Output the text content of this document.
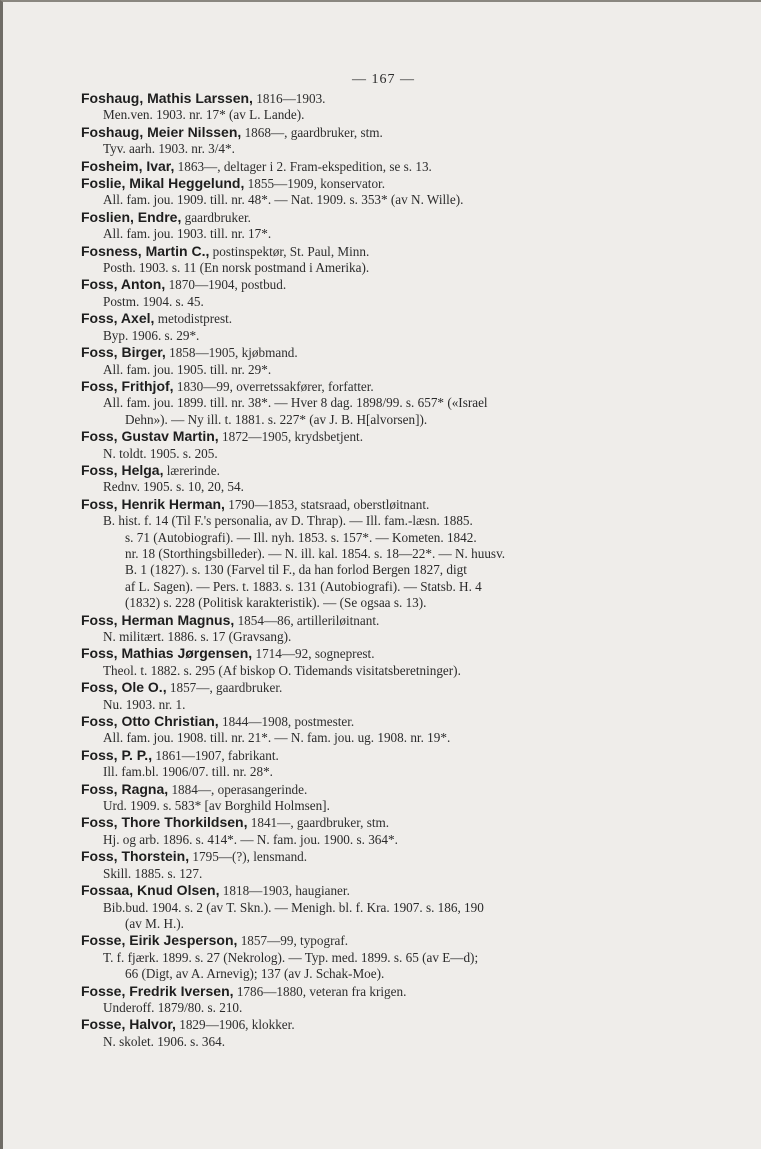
— 167 —
Foshaug, Mathis Larssen, 1816—1903.
Men.ven. 1903. nr. 17* (av L. Lande).
Foshaug, Meier Nilssen, 1868—, gaardbruker, stm.
Tyv. aarh. 1903. nr. 3/4*.
Fosheim, Ivar, 1863—, deltager i 2. Fram-ekspedition, se s. 13.
Foslie, Mikal Heggelund, 1855—1909, konservator.
All. fam. jou. 1909. till. nr. 48*. — Nat. 1909. s. 353* (av N. Wille).
Foslien, Endre, gaardbruker.
All. fam. jou. 1903. till. nr. 17*.
Fosness, Martin C., postinspektør, St. Paul, Minn.
Posth. 1903. s. 11 (En norsk postmand i Amerika).
Foss, Anton, 1870—1904, postbud.
Postm. 1904. s. 45.
Foss, Axel, metodistprest.
Byp. 1906. s. 29*.
Foss, Birger, 1858—1905, kjøbmand.
All. fam. jou. 1905. till. nr. 29*.
Foss, Frithjof, 1830—99, overretssakfører, forfatter.
All. fam. jou. 1899. till. nr. 38*. — Hver 8 dag. 1898/99. s. 657* («Israel
Dehn»). — Ny ill. t. 1881. s. 227* (av J. B. H[alvorsen]).
Foss, Gustav Martin, 1872—1905, krydsbetjent.
N. toldt. 1905. s. 205.
Foss, Helga, lærerinde.
Rednv. 1905. s. 10, 20, 54.
Foss, Henrik Herman, 1790—1853, statsraad, oberstløitnant.
B. hist. f. 14 (Til F.'s personalia, av D. Thrap). — Ill. fam.-læsn. 1885.
s. 71 (Autobiografi). — Ill. nyh. 1853. s. 157*. — Kometen. 1842.
nr. 18 (Storthingsbilleder). — N. ill. kal. 1854. s. 18—22*. — N. huusv.
B. 1 (1827). s. 130 (Farvel til F., da han forlod Bergen 1827, digt
af L. Sagen). — Pers. t. 1883. s. 131 (Autobiografi). — Statsb. H. 4
(1832) s. 228 (Politisk karakteristik). — (Se ogsaa s. 13).
Foss, Herman Magnus, 1854—86, artilleriløitnant.
N. militært. 1886. s. 17 (Gravsang).
Foss, Mathias Jørgensen, 1714—92, sogneprest.
Theol. t. 1882. s. 295 (Af biskop O. Tidemands visitatsberetninger).
Foss, Ole O., 1857—, gaardbruker.
Nu. 1903. nr. 1.
Foss, Otto Christian, 1844—1908, postmester.
All. fam. jou. 1908. till. nr. 21*. — N. fam. jou. ug. 1908. nr. 19*.
Foss, P. P., 1861—1907, fabrikant.
Ill. fam.bl. 1906/07. till. nr. 28*.
Foss, Ragna, 1884—, operasangerinde.
Urd. 1909. s. 583* [av Borghild Holmsen].
Foss, Thore Thorkildsen, 1841—, gaardbruker, stm.
Hj. og arb. 1896. s. 414*. — N. fam. jou. 1900. s. 364*.
Foss, Thorstein, 1795—(?), lensmand.
Skill. 1885. s. 127.
Fossaa, Knud Olsen, 1818—1903, haugianer.
Bib.bud. 1904. s. 2 (av T. Skn.). — Menigh. bl. f. Kra. 1907. s. 186, 190
(av M. H.).
Fosse, Eirik Jesperson, 1857—99, typograf.
T. f. fjærk. 1899. s. 27 (Nekrolog). — Typ. med. 1899. s. 65 (av E—d);
66 (Digt, av A. Arnevig); 137 (av J. Schak-Moe).
Fosse, Fredrik Iversen, 1786—1880, veteran fra krigen.
Underoff. 1879/80. s. 210.
Fosse, Halvor, 1829—1906, klokker.
N. skolet. 1906. s. 364.
